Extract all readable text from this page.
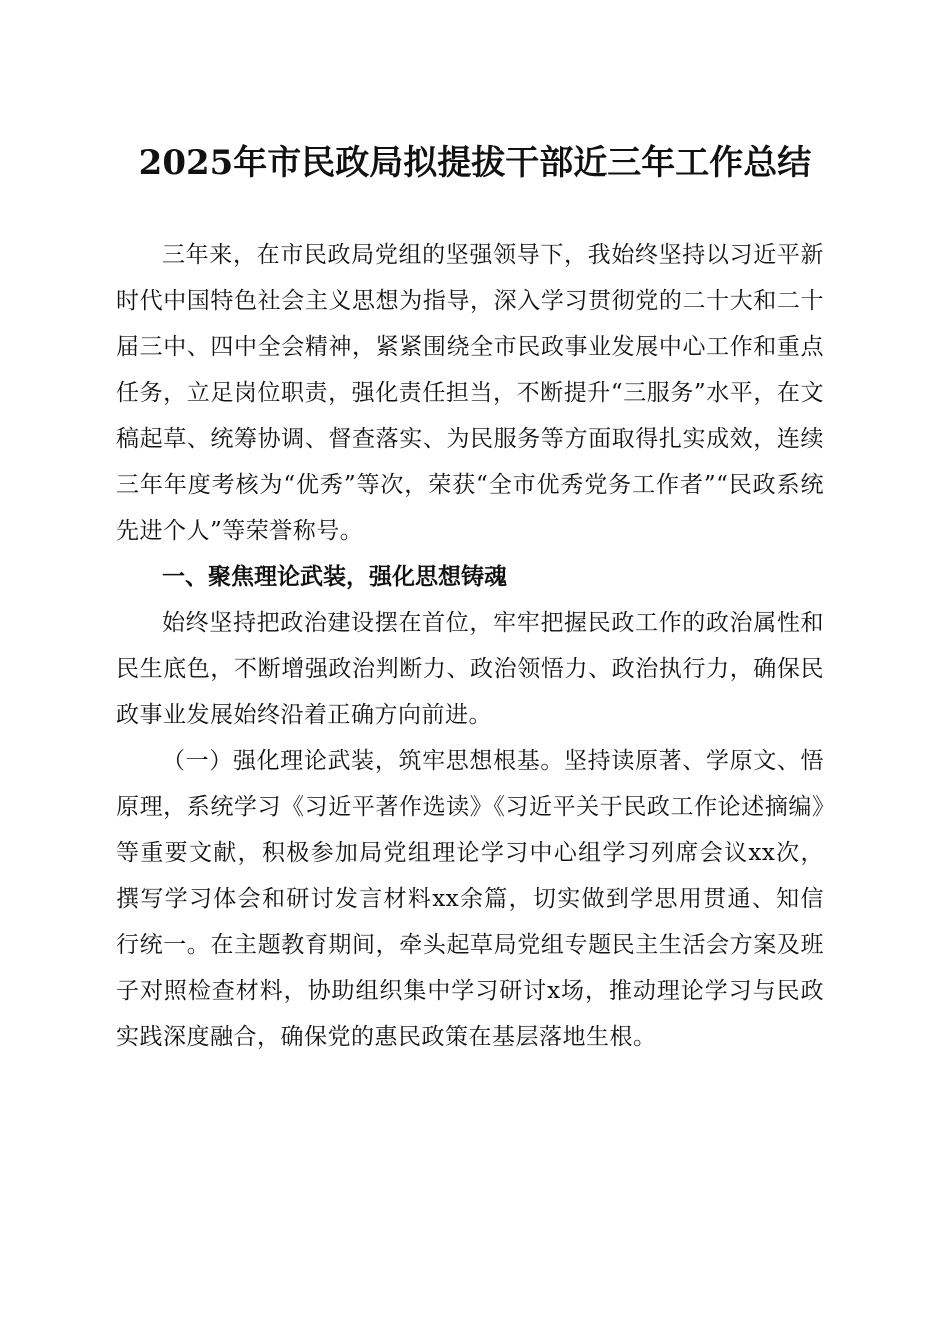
2025年市民政局拟提拔干部近三年工作总结

三年来，在市民政局党组的坚强领导下，我始终坚持以习近平新时代中国特色社会主义思想为指导，深入学习贯彻党的二十大和二十届三中、四中全会精神，紧紧围绕全市民政事业发展中心工作和重点任务，立足岗位职责，强化责任担当，不断提升“三服务”水平，在文稿起草、统筹协调、督查落实、为民服务等方面取得扎实成效，连续三年年度考核为“优秀”等次，荣获“全市优秀党务工作者”“民政系统先进个人”等荣誉称号。

一、聚焦理论武装，强化思想铸魂

始终坚持把政治建设摆在首位，牢牢把握民政工作的政治属性和民生底色，不断增强政治判断力、政治领悟力、政治执行力，确保民政事业发展始终沿着正确方向前进。

（一）强化理论武装，筑牢思想根基。坚持读原著、学原文、悟原理，系统学习《习近平著作选读》《习近平关于民政工作论述摘编》等重要文献，积极参加局党组理论学习中心组学习列席会议xx次，撰写学习体会和研讨发言材料xx余篇，切实做到学思用贯通、知信行统一。在主题教育期间，牵头起草局党组专题民主生活会方案及班子对照检查材料，协助组织集中学习研讨x场，推动理论学习与民政实践深度融合，确保党的惠民政策在基层落地生根。
